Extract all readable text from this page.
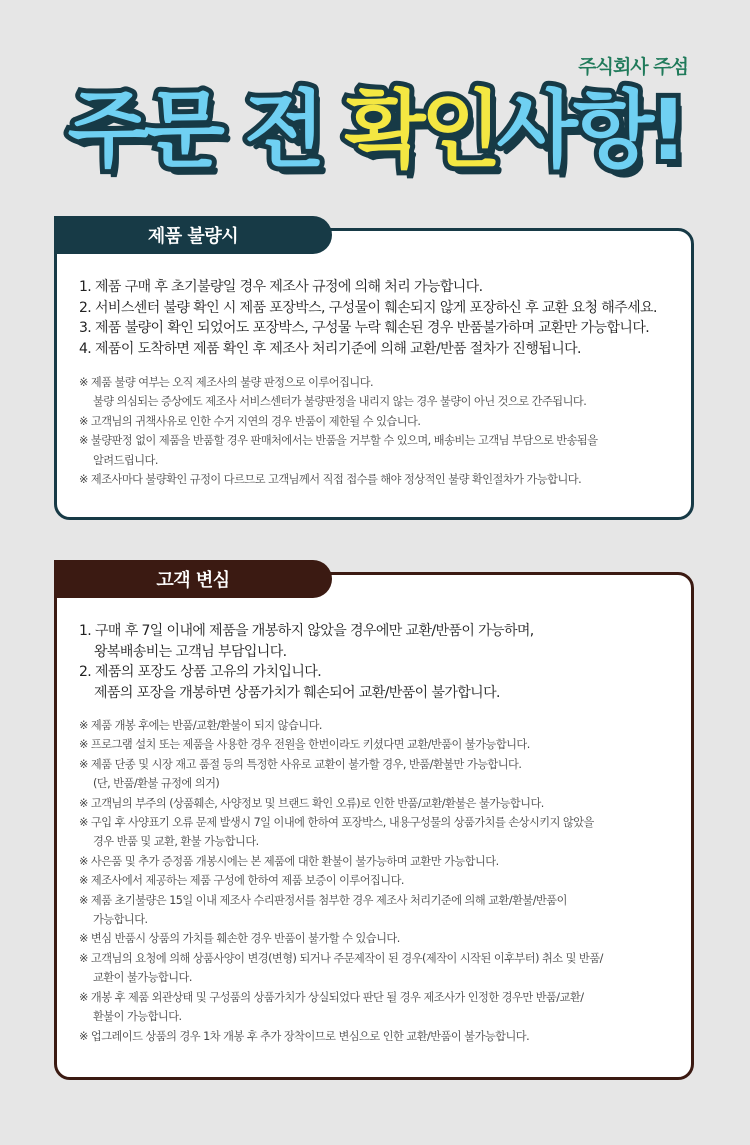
주식회사 주섬
주문 전 확인사항!
1. 제품 구매 후 초기불량일 경우 제조사 규정에 의해 처리 가능합니다.
2. 서비스센터 불량 확인 시 제품 포장박스, 구성물이 훼손되지 않게 포장하신 후 교환 요청 해주세요.
3. 제품 불량이 확인 되었어도 포장박스, 구성물 누락 훼손된 경우 반품불가하며 교환만 가능합니다.
4. 제품이 도착하면 제품 확인 후 제조사 처리기준에 의해 교환/반품 절차가 진행됩니다.
※ 제품 불량 여부는 오직 제조사의 불량 판정으로 이루어집니다.
불량 의심되는 증상에도 제조사 서비스센터가 불량판정을 내리지 않는 경우 불량이 아닌 것으로 간주됩니다.
※ 고객님의 귀책사유로 인한 수거 지연의 경우 반품이 제한될 수 있습니다.
※ 불량판정 없이 제품을 반품할 경우 판매처에서는 반품을 거부할 수 있으며, 배송비는 고객님 부담으로 반송됨을
알려드립니다.
※ 제조사마다 불량확인 규정이 다르므로 고객님께서 직접 접수를 해야 정상적인 불량 확인절차가 가능합니다.
제품 불량시
1. 구매 후 7일 이내에 제품을 개봉하지 않았을 경우에만 교환/반품이 가능하며,
왕복배송비는 고객님 부담입니다.
2. 제품의 포장도 상품 고유의 가치입니다.
제품의 포장을 개봉하면 상품가치가 훼손되어 교환/반품이 불가합니다.
※ 제품 개봉 후에는 반품/교환/환불이 되지 않습니다.
※ 프로그램 설치 또는 제품을 사용한 경우 전원을 한번이라도 키셨다면 교환/반품이 불가능합니다.
※ 제품 단종 및 시장 재고 품절 등의 특정한 사유로 교환이 불가할 경우, 반품/환불만 가능합니다.
(단, 반품/환불 규정에 의거)
※ 고객님의 부주의 (상품훼손, 사양정보 및 브랜드 확인 오류)로 인한 반품/교환/환불은 불가능합니다.
※ 구입 후 사양표기 오류 문제 발생시 7일 이내에 한하여 포장박스, 내용구성물의 상품가치를 손상시키지 않았을
경우 반품 및 교환, 환불 가능합니다.
※ 사은품 및 추가 증정품 개봉시에는 본 제품에 대한 환불이 불가능하며 교환만 가능합니다.
※ 제조사에서 제공하는 제품 구성에 한하여 제품 보증이 이루어집니다.
※ 제품 초기불량은 15일 이내 제조사 수리판정서를 첨부한 경우 제조사 처리기준에 의해 교환/환불/반품이
가능합니다.
※ 변심 반품시 상품의 가치를 훼손한 경우 반품이 불가할 수 있습니다.
※ 고객님의 요청에 의해 상품사양이 변경(변형) 되거나 주문제작이 된 경우(제작이 시작된 이후부터) 취소 및 반품/
교환이 불가능합니다.
※ 개봉 후 제품 외관상태 및 구성품의 상품가치가 상실되었다 판단 될 경우 제조사가 인정한 경우만 반품/교환/
환불이 가능합니다.
※ 업그레이드 상품의 경우 1차 개봉 후 추가 장착이므로 변심으로 인한 교환/반품이 불가능합니다.
고객 변심
